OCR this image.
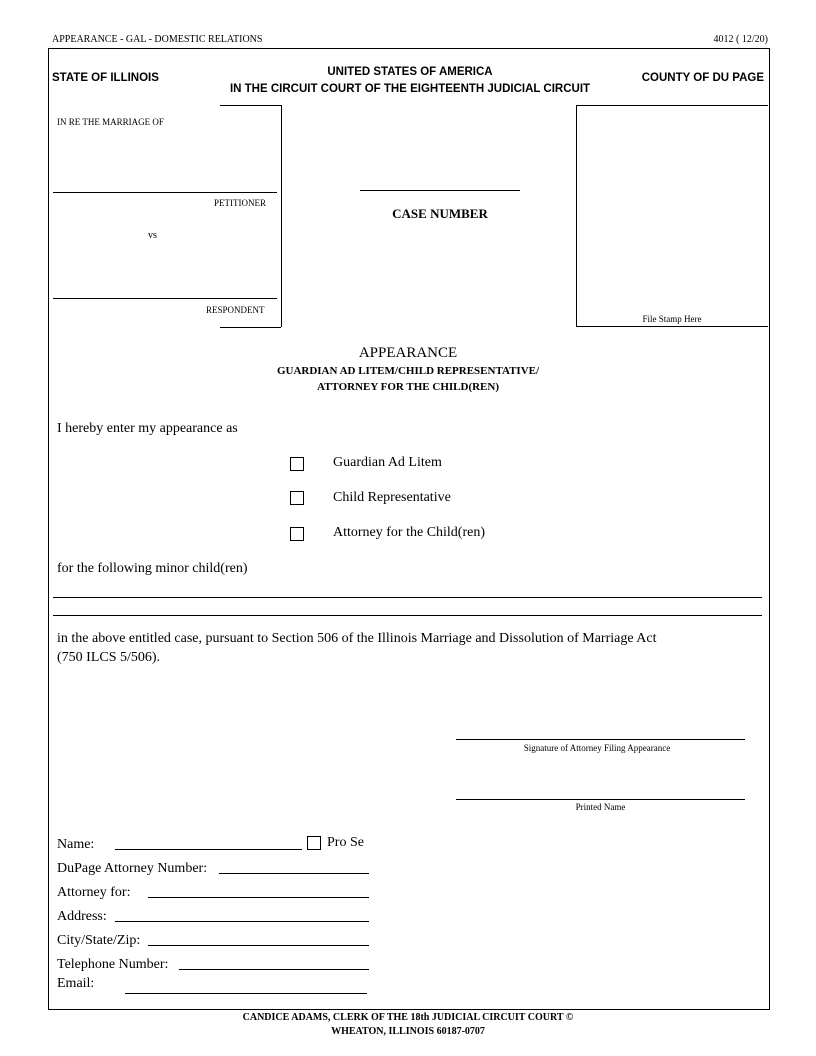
APPEARANCE - GAL - DOMESTIC RELATIONS	4012 ( 12/20)
STATE OF ILLINOIS	UNITED STATES OF AMERICA
IN THE CIRCUIT COURT OF THE EIGHTEENTH JUDICIAL CIRCUIT
COUNTY OF DU PAGE
IN RE THE MARRIAGE OF
PETITIONER
vs
RESPONDENT
CASE NUMBER
File Stamp Here
APPEARANCE
GUARDIAN AD LITEM/CHILD REPRESENTATIVE/
ATTORNEY FOR THE CHILD(REN)
I hereby enter my appearance as
Guardian Ad Litem
Child Representative
Attorney for the Child(ren)
for the following minor child(ren)
in the above entitled case, pursuant to Section 506 of the Illinois Marriage and Dissolution of Marriage Act
(750 ILCS 5/506).
Signature of Attorney Filing Appearance
Printed Name
Name:	Pro Se
DuPage Attorney Number:
Attorney for:
Address:
City/State/Zip:
Telephone Number:
Email:
CANDICE ADAMS, CLERK OF THE 18th JUDICIAL CIRCUIT COURT ©
WHEATON, ILLINOIS 60187-0707
